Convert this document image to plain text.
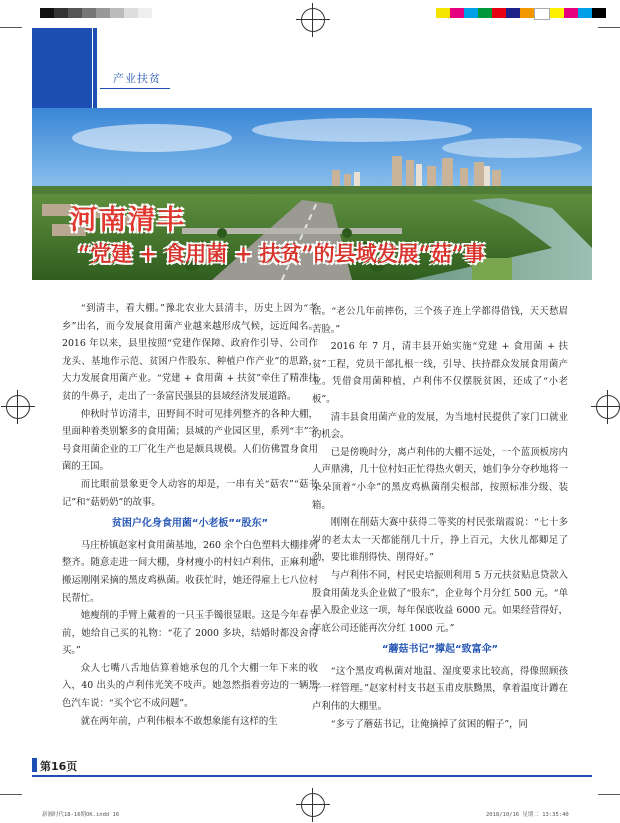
产业扶贫
河南清丰
“党建 + 食用菌 + 扶贫”的县域发展“菇”事

“到清丰，看大棚。”豫北农业大县清丰，历史上因为“孝乡”出名，而今发展食用菌产业越来越形成气候，远近闻名。2016 年以来，县里按照“党建作保障、政府作引导、公司作龙头、基地作示范、贫困户作股东、种植户作产业”的思路，大力发展食用菌产业。“党建 + 食用菌 + 扶贫”牵住了精准扶贫的牛鼻子，走出了一条富民强县的县域经济发展道路。

仲秋时节访清丰，田野间不时可见排列整齐的各种大棚，里面种着类别繁多的食用菌；县城的产业园区里，系列“丰”字号食用菌企业的工厂化生产也是颇具规模。人们仿佛置身食用菌的王国。

而比眼前景象更令人动容的却是，一串有关“菇农”“菇书记”和“菇奶奶”的故事。

贫困户化身食用菌“小老板”“股东”

马庄桥镇赵家村食用菌基地，260 余个白色塑料大棚排列整齐。随意走进一间大棚，身材瘦小的村妇卢利伟，正麻利地搬运刚刚采摘的黑皮鸡枞菌。收获忙时，她还得雇上七八位村民帮忙。

她瘦削的手臂上戴着的一只玉手镯很显眼。这是今年春节前，她给自己买的礼物：“花了 2000 多块，结婚时都没舍得买。”

众人七嘴八舌地估算着她承包的几个大棚一年下来的收入，40 出头的卢利伟光笑不吱声。她忽然指着旁边的一辆黑色汽车说：“买个它不成问题”。

就在两年前，卢利伟根本不敢想象能有这样的生

活。“老公几年前摔伤，三个孩子连上学都得借钱，天天愁眉苦脸。”

2016 年 7 月，清丰县开始实施“党建 + 食用菌 + 扶贫”工程，党员干部扎根一线，引导、扶持群众发展食用菌产业。凭借食用菌种植，卢利伟不仅摆脱贫困，还成了“小老板”。

清丰县食用菌产业的发展，为当地村民提供了家门口就业的机会。

已是傍晚时分，离卢利伟的大棚不远处，一个蓝顶板房内人声鼎沸，几十位村妇正忙得热火朝天，她们争分夺秒地将一朵朵顶着“小伞”的黑皮鸡枞菌削尖根部，按照标准分级、装箱。

刚刚在削菇大赛中获得二等奖的村民张瑞霞说：“七十多岁的老太太一天都能削几十斤，挣上百元，大伙儿都卿足了劲，要比谁削得快、削得好。”

与卢利伟不同，村民史培振则利用 5 万元扶贫贴息贷款入股食用菌龙头企业做了“股东”，企业每个月分红 500 元。“单是入股企业这一项，每年保底收益 6000 元。如果经营得好，年底公司还能再次分红 1000 元。”

“蘑菇书记”撑起“致富伞”

“这个黑皮鸡枞菌对地温、湿度要求比较高，得像照顾孩子一样管理。”赵家村村支书赵玉甫皮肤黝黑，拿着温度计蹲在卢利伟的大棚里。

“多亏了蘑菇书记，让俺摘掉了贫困的帽子”，同

第16页
新湘时代18-16期OK.indd 16	2018/10/16 星期二 13:35:40
